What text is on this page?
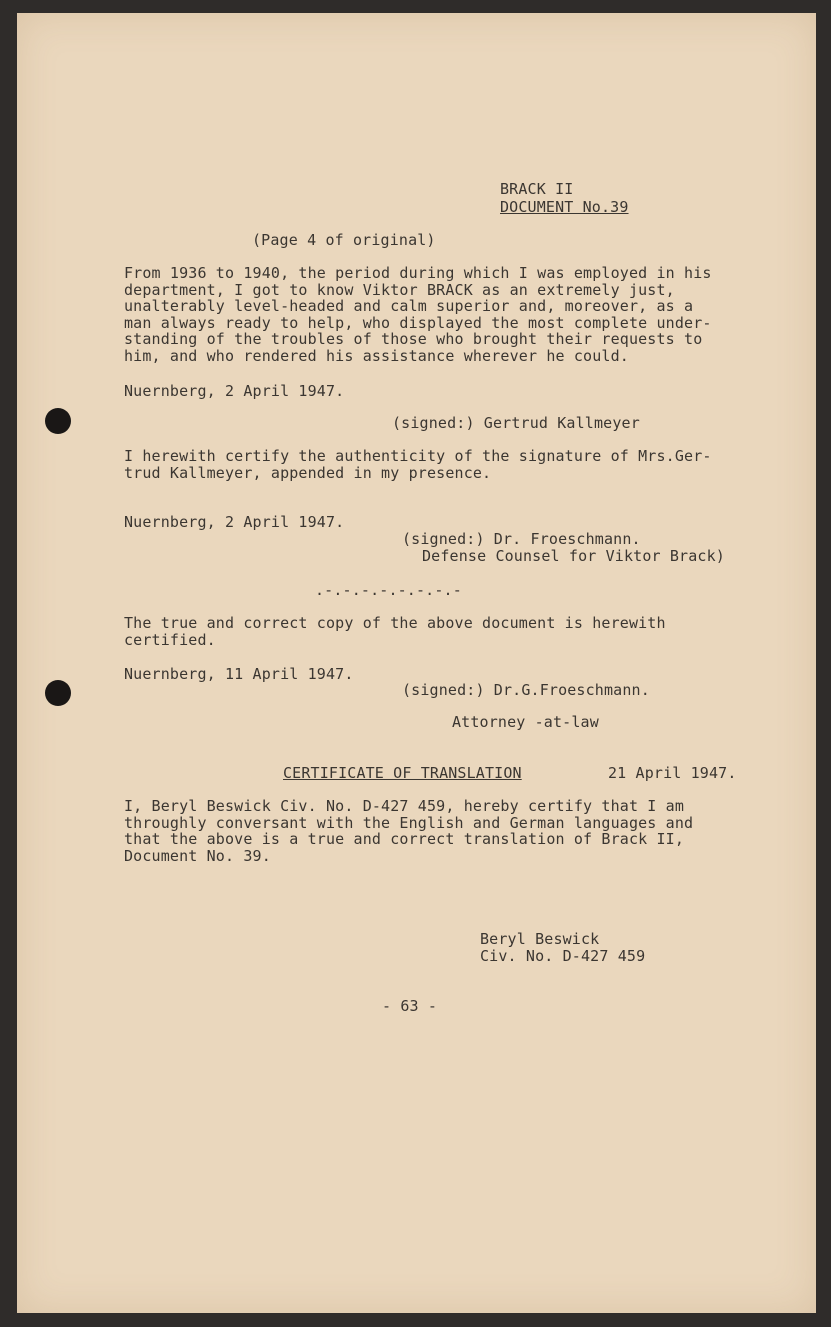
BRACK II

DOCUMENT No.39

(Page 4 of original)

From 1936 to 1940, the period during which I was employed in his
department, I got to know Viktor BRACK as an extremely just,
unalterably level-headed and calm superior and, moreover, as a
man always ready to help, who displayed the most complete under-
standing of the troubles of those who brought their requests to
him, and who rendered his assistance wherever he could.

Nuernberg, 2 April 1947.

(signed:) Gertrud Kallmeyer

I herewith certify the authenticity of the signature of Mrs.Ger-
trud Kallmeyer, appended in my presence.

Nuernberg, 2 April 1947.

(signed:) Dr. Froeschmann.

Defense Counsel for Viktor Brack)

.-.-.-.-.-.-.-.-

The true and correct copy of the above document is herewith
certified.

Nuernberg, 11 April 1947.

(signed:) Dr.G.Froeschmann.

Attorney -at-law

CERTIFICATE OF TRANSLATION	21 April 1947.

I, Beryl Beswick Civ. No. D-427 459, hereby certify that I am
throughly conversant with the English and German languages and
that the above is a true and correct translation of Brack II,
Document No. 39.

Beryl Beswick

Civ. No. D-427 459

- 63 -
